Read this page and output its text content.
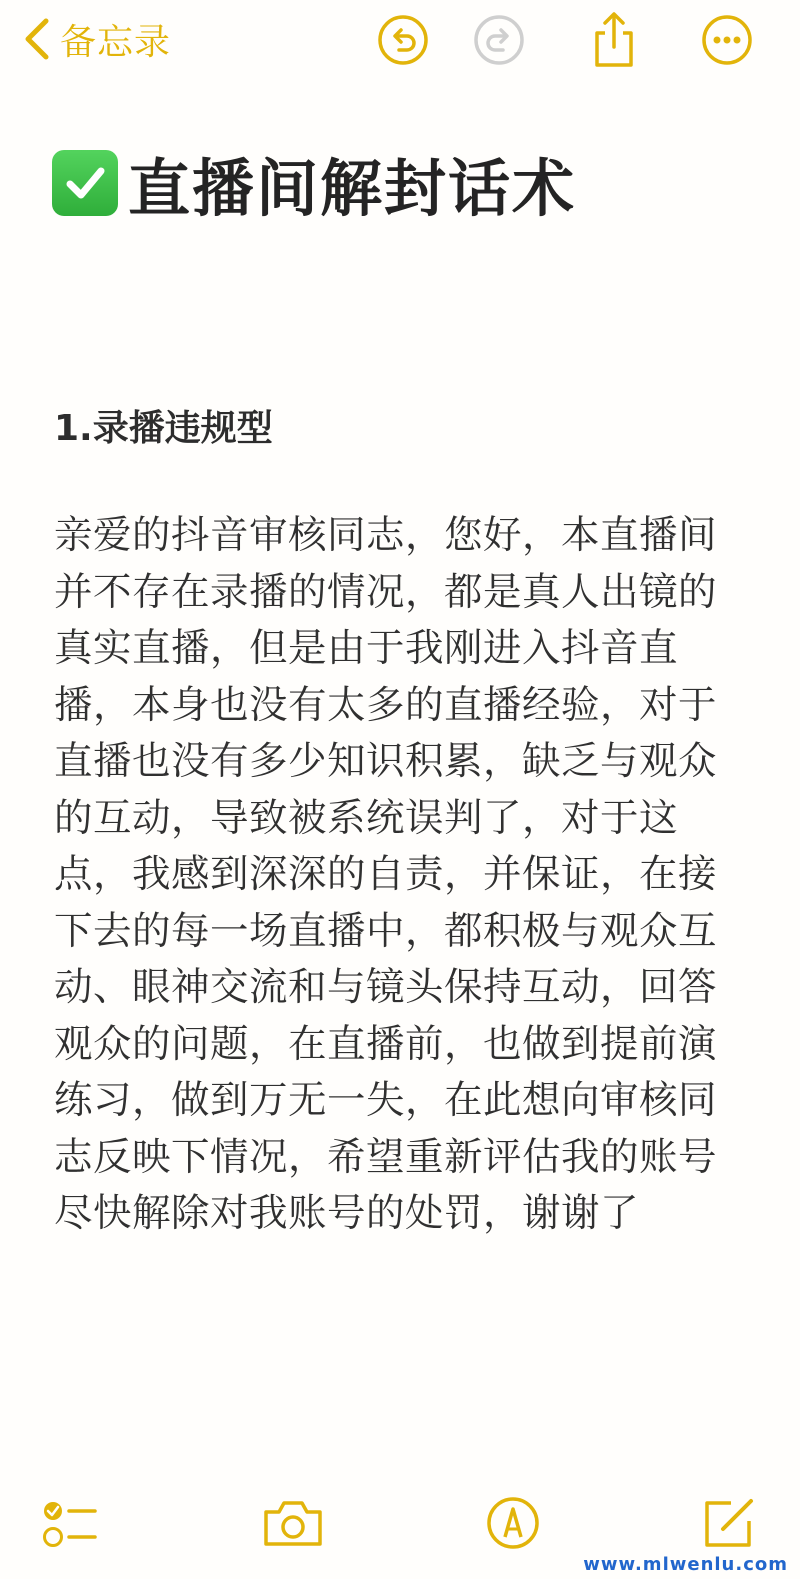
备忘录
直播间解封话术
1.录播违规型
亲爱的抖音审核同志，您好，本直播间并不存在录播的情况，都是真人出镜的真实直播，但是由于我刚进入抖音直播，本身也没有太多的直播经验，对于直播也没有多少知识积累，缺乏与观众的互动，导致被系统误判了，对于这点，我感到深深的自责，并保证，在接下去的每一场直播中，都积极与观众互动、眼神交流和与镜头保持互动，回答观众的问题，在直播前，也做到提前演练习，做到万无一失，在此想向审核同志反映下情况，希望重新评估我的账号尽快解除对我账号的处罚，谢谢了
www.mlwenlu.com
